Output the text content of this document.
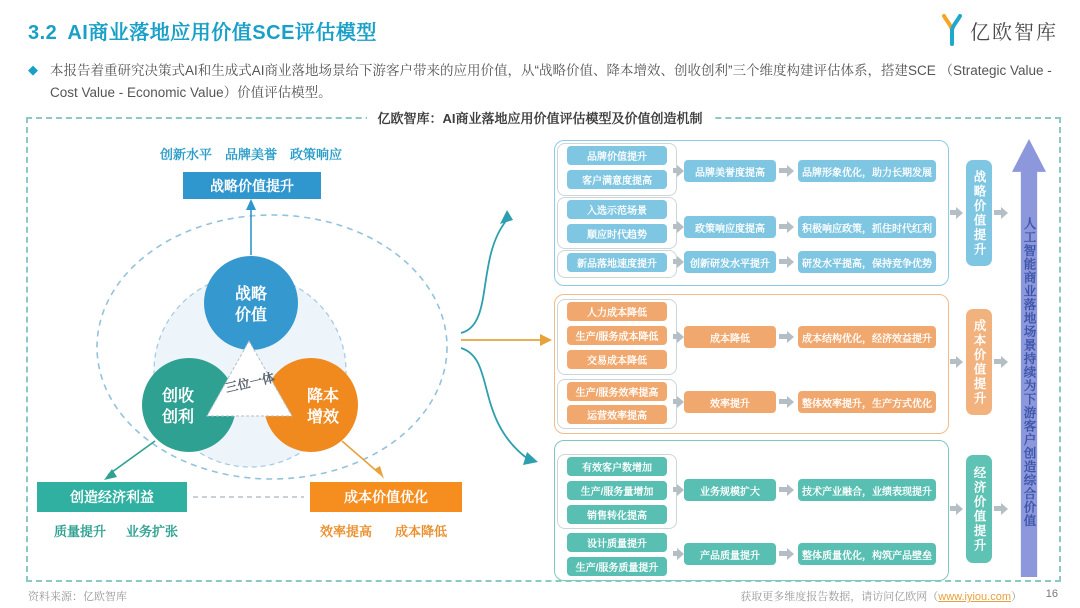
3.2 AI商业落地应用价值SCE评估模型	亿欧智库
◆ 本报告着重研究决策式AI和生成式AI商业落地场景给下游客户带来的应用价值，从“战略价值、降本增效、创收创利”三个维度构建评估体系，搭建SCE （Strategic Value - Cost Value - Economic Value）价值评估模型。
亿欧智库：AI商业落地应用价值评估模型及价值创造机制
创新水平　品牌美誉　政策响应
战略价值提升
战略
价值
创收
创利
降本
增效
三位一体
创造经济利益	成本价值优化
质量提升 业务扩张	效率提高 成本降低
品牌价值提升
客户满意度提高
入选示范场景
顺应时代趋势
新品落地速度提升
品牌美誉度提高
政策响应度提高
创新研发水平提升
品牌形象优化，助力长期发展
积极响应政策，抓住时代红利
研发水平提高，保持竞争优势
人力成本降低
生产/服务成本降低
交易成本降低
生产/服务效率提高
运营效率提高
成本降低
效率提升
成本结构优化，经济效益提升
整体效率提升，生产方式优化
有效客户数增加
生产/服务量增加
销售转化提高
设计质量提升
生产/服务质量提升
业务规模扩大
产品质量提升
技术产业融合，业绩表现提升
整体质量优化，构筑产品壁垒
战略价值提升
成本价值提升
经济价值提升	人工智能商业落地场景持续为下游客户创造综合价值
资料来源：亿欧智库	获取更多维度报告数据，请访问亿欧网（www.iyiou.com） 16
